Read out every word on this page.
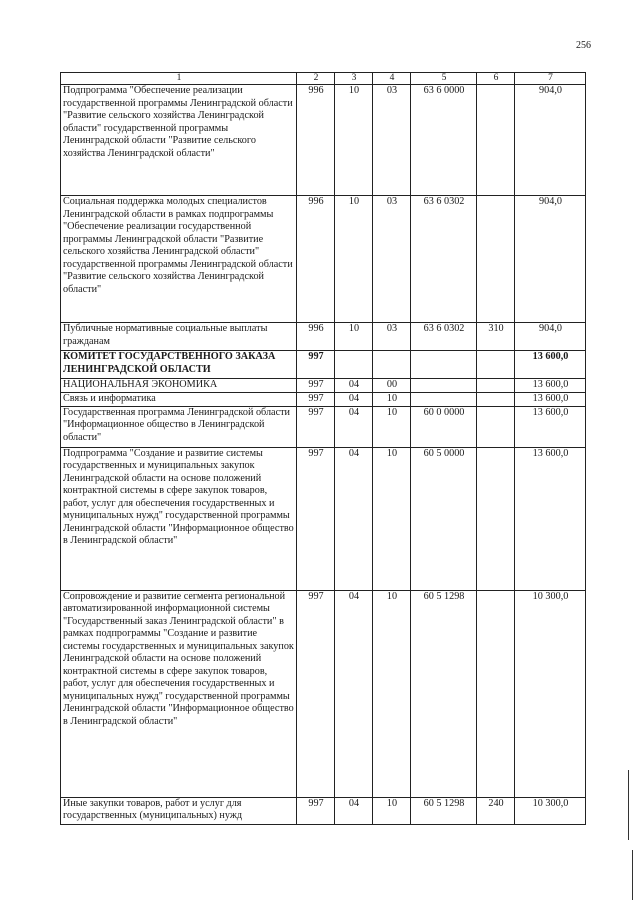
256
1	2	3	4	5	6	7
Подпрограмма "Обеспечение реализации государственной программы Ленинградской области "Развитие сельского хозяйства Ленинградской области" государственной программы Ленинградской области "Развитие сельского хозяйства Ленинградской области"	996	10	03	63 6 0000		904,0
Социальная поддержка молодых специалистов Ленинградской области в рамках подпрограммы "Обеспечение реализации государственной программы Ленинградской области "Развитие сельского хозяйства Ленинградской области" государственной программы Ленинградской области "Развитие сельского хозяйства Ленинградской области"	996	10	03	63 6 0302		904,0
Публичные нормативные социальные выплаты гражданам	996	10	03	63 6 0302	310	904,0
КОМИТЕТ ГОСУДАРСТВЕННОГО ЗАКАЗА ЛЕНИНГРАДСКОЙ ОБЛАСТИ	997					13 600,0
НАЦИОНАЛЬНАЯ ЭКОНОМИКА	997	04	00			13 600,0
Связь и информатика	997	04	10			13 600,0
Государственная программа Ленинградской области "Информационное общество в Ленинградской области"	997	04	10	60 0 0000		13 600,0
Подпрограмма "Создание и развитие системы государственных и муниципальных закупок Ленинградской области на основе положений контрактной системы в сфере закупок товаров, работ, услуг для обеспечения государственных и муниципальных нужд" государственной программы Ленинградской области "Информационное общество в Ленинградской области"	997	04	10	60 5 0000		13 600,0
Сопровождение и развитие сегмента региональной автоматизированной информационной системы "Государственный заказ Ленинградской области" в рамках подпрограммы "Создание и развитие системы государственных и муниципальных закупок Ленинградской области на основе положений контрактной системы в сфере закупок товаров, работ, услуг для обеспечения государственных и муниципальных нужд" государственной программы Ленинградской области "Информационное общество в Ленинградской области"	997	04	10	60 5 1298		10 300,0
Иные закупки товаров, работ и услуг для государственных (муниципальных) нужд	997	04	10	60 5 1298	240	10 300,0
